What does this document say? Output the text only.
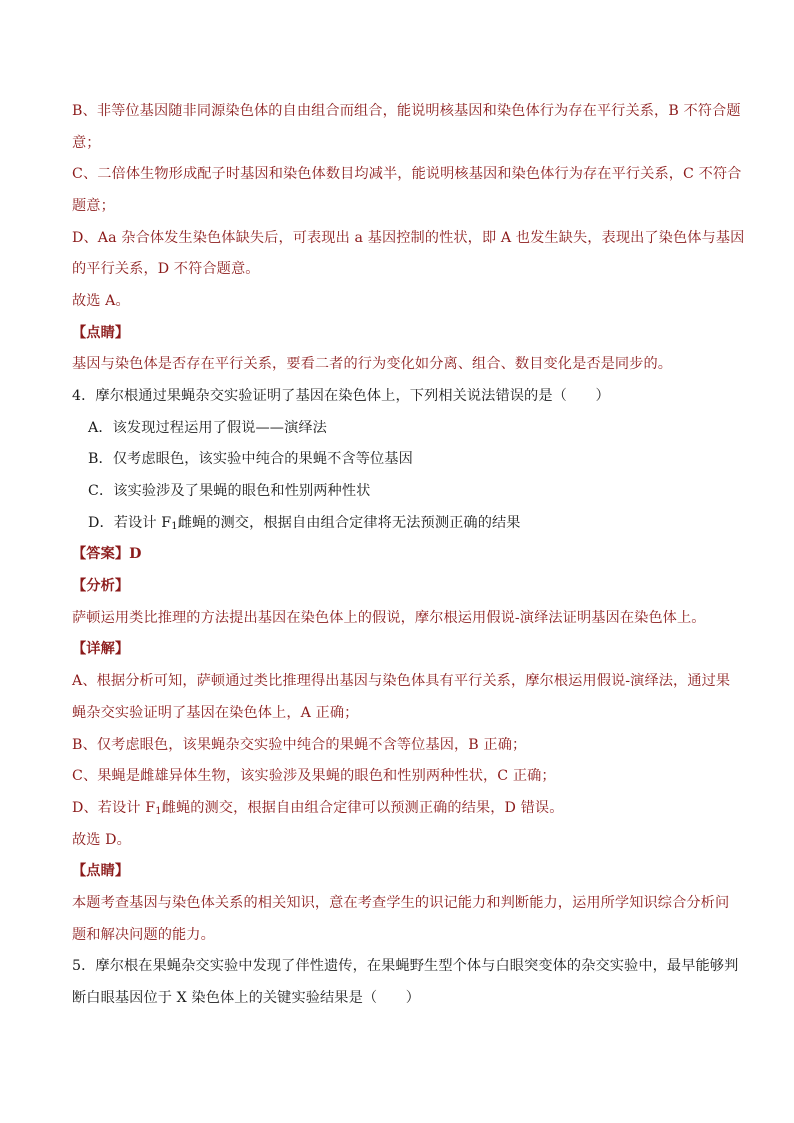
B、非等位基因随非同源染色体的自由组合而组合，能说明核基因和染色体行为存在平行关系，B 不符合题
意；
C、二倍体生物形成配子时基因和染色体数目均减半，能说明核基因和染色体行为存在平行关系，C 不符合
题意；
D、Aa 杂合体发生染色体缺失后，可表现出 a 基因控制的性状，即 A 也发生缺失，表现出了染色体与基因
的平行关系，D 不符合题意。
故选 A。
【点睛】
基因与染色体是否存在平行关系，要看二者的行为变化如分离、组合、数目变化是否是同步的。
4．摩尔根通过果蝇杂交实验证明了基因在染色体上，下列相关说法错误的是（　　）
A．该发现过程运用了假说——演绎法
B．仅考虑眼色，该实验中纯合的果蝇不含等位基因
C．该实验涉及了果蝇的眼色和性别两种性状
D．若设计 $F_1$雌蝇的测交，根据自由组合定律将无法预测正确的结果
【答案】D
【分析】
萨顿运用类比推理的方法提出基因在染色体上的假说，摩尔根运用假说-演绎法证明基因在染色体上。
【详解】
A、根据分析可知，萨顿通过类比推理得出基因与染色体具有平行关系，摩尔根运用假说-演绎法，通过果
蝇杂交实验证明了基因在染色体上，A 正确；
B、仅考虑眼色，该果蝇杂交实验中纯合的果蝇不含等位基因，B 正确；
C、果蝇是雌雄异体生物，该实验涉及果蝇的眼色和性别两种性状，C 正确；
D、若设计 $F_1$雌蝇的测交，根据自由组合定律可以预测正确的结果，D 错误。
故选 D。
【点睛】
本题考查基因与染色体关系的相关知识，意在考查学生的识记能力和判断能力，运用所学知识综合分析问
题和解决问题的能力。
5．摩尔根在果蝇杂交实验中发现了伴性遗传，在果蝇野生型个体与白眼突变体的杂交实验中，最早能够判
断白眼基因位于 X 染色体上的关键实验结果是（　　）
